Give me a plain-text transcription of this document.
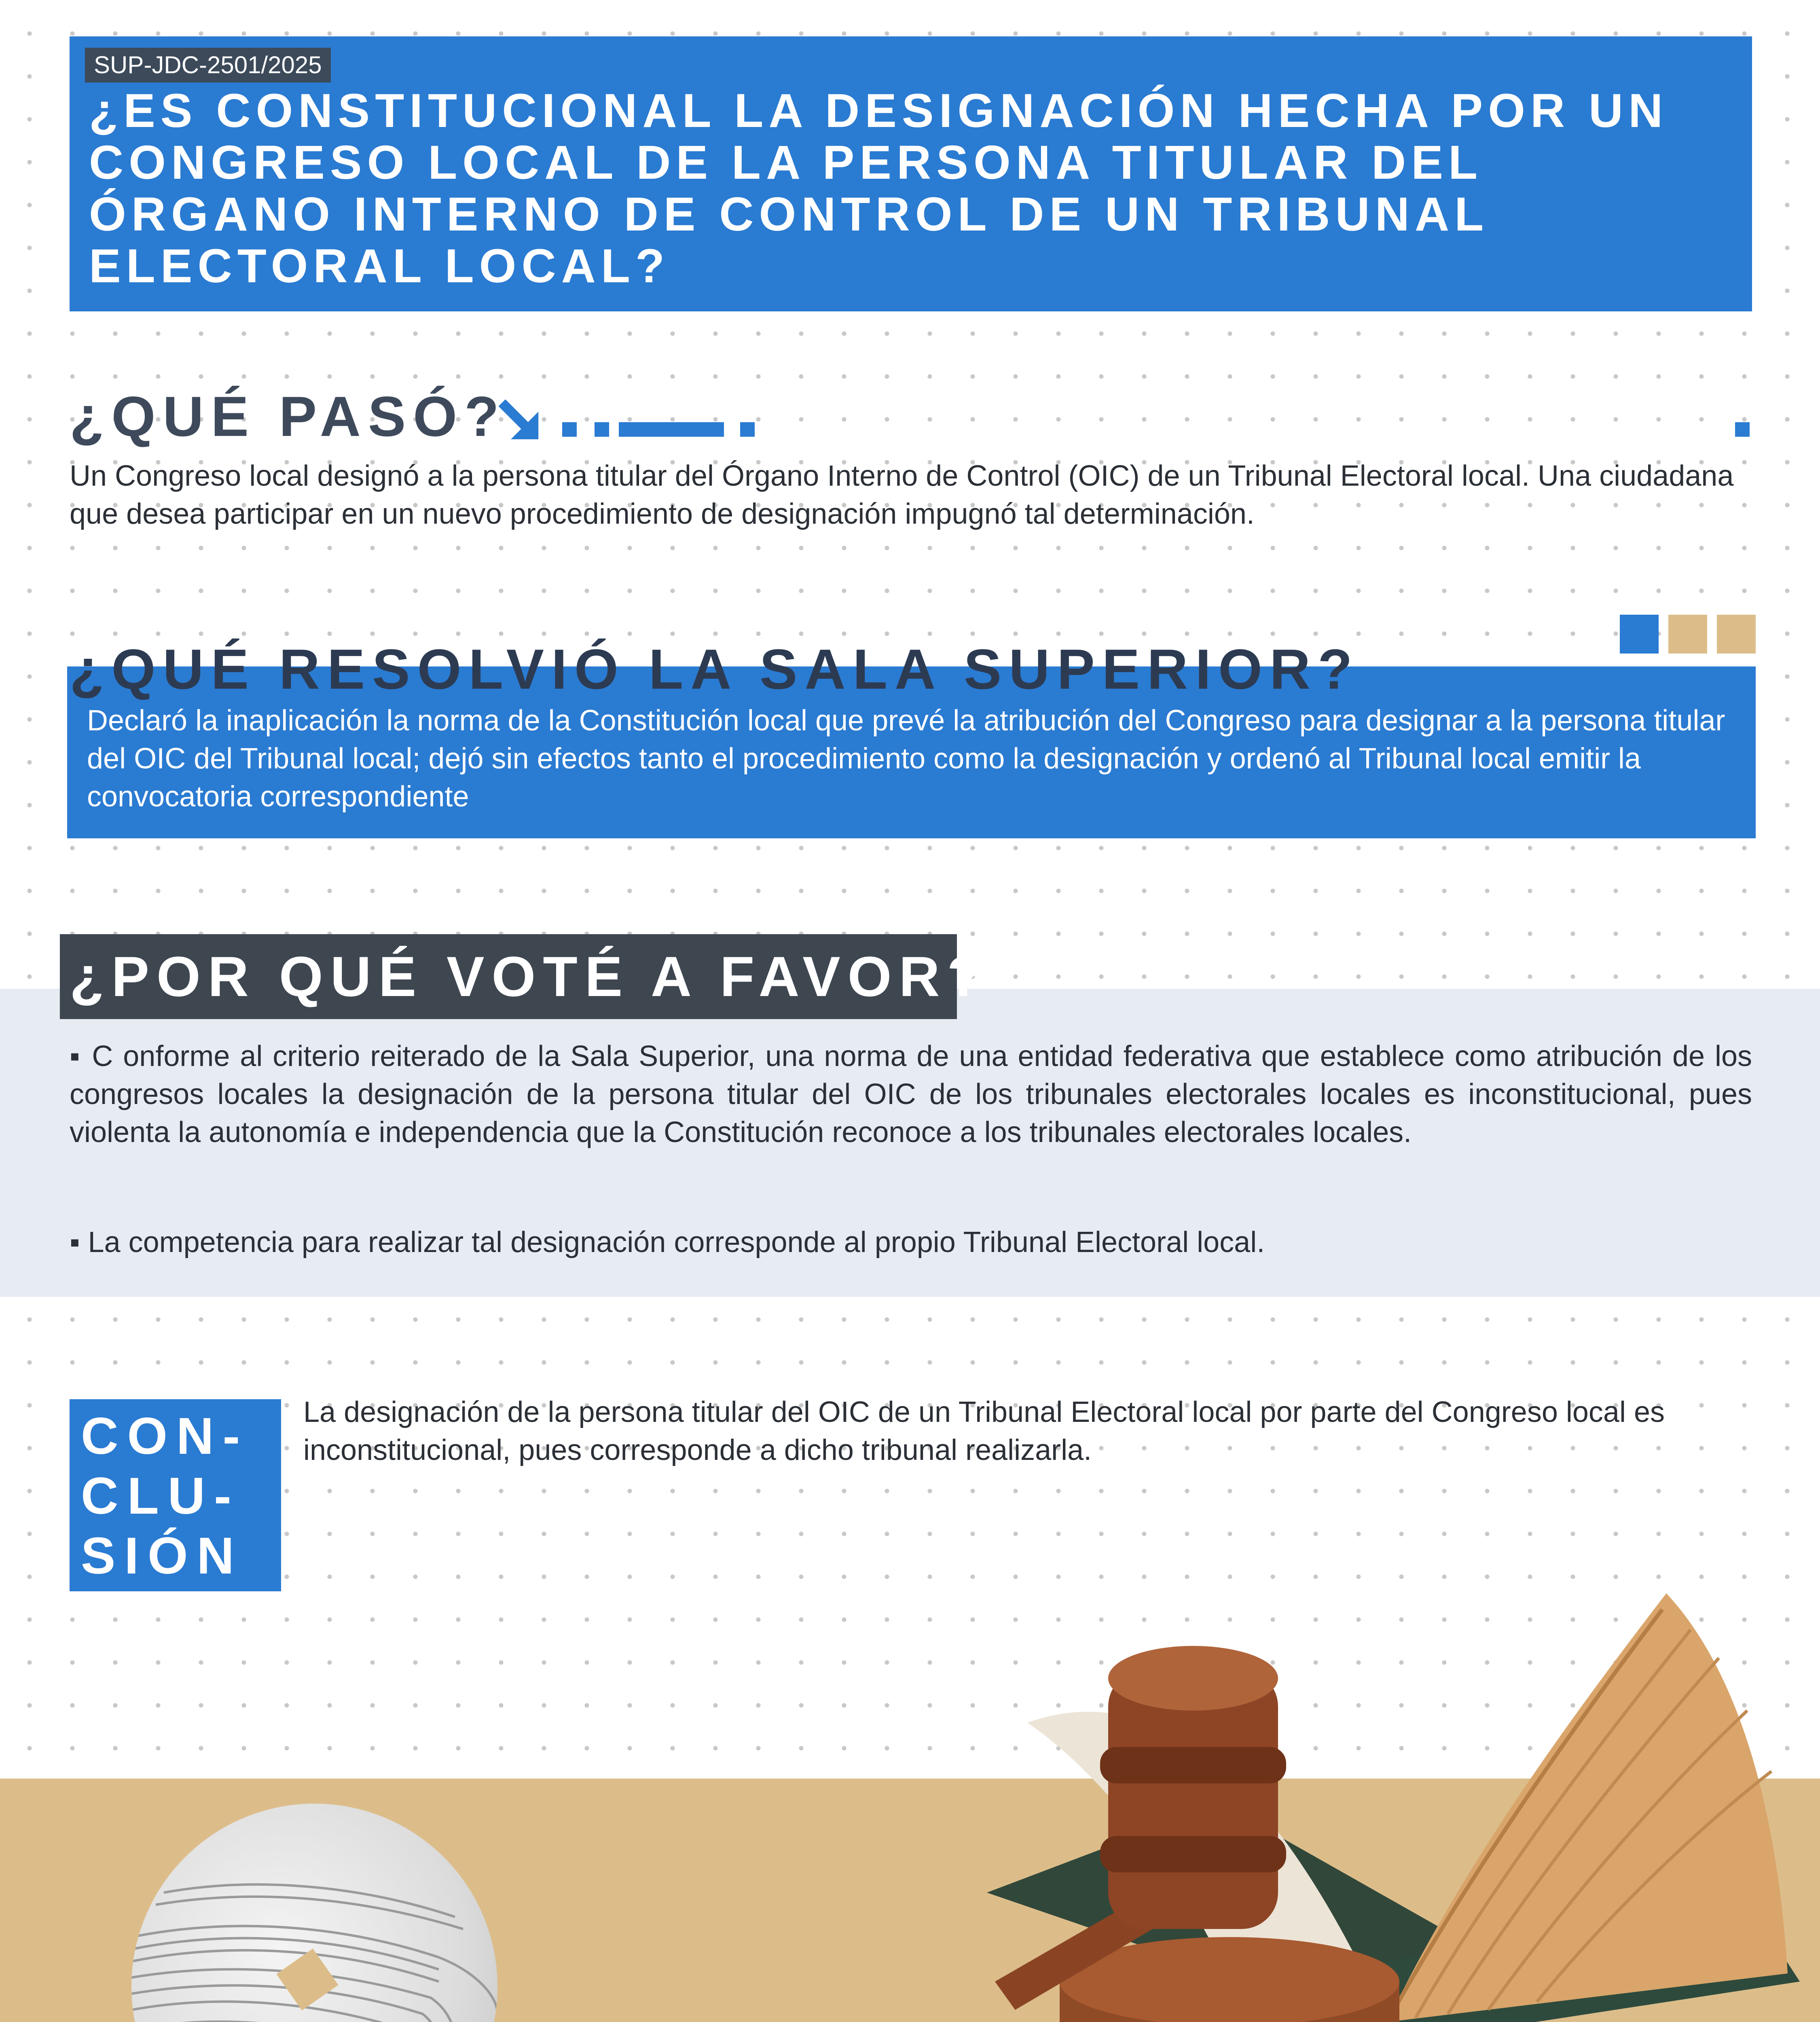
SUP-JDC-2501/2025
¿ES CONSTITUCIONAL LA DESIGNACIÓN HECHA POR UN CONGRESO LOCAL DE LA PERSONA TITULAR DEL ÓRGANO INTERNO DE CONTROL DE UN TRIBUNAL ELECTORAL LOCAL?
¿QUÉ PASÓ?
Un Congreso local designó a la persona titular del Órgano Interno de Control (OIC) de un Tribunal Electoral local. Una ciudadana que desea participar en un nuevo procedimiento de designación impugnó tal determinación.
¿QUÉ RESOLVIÓ LA SALA SUPERIOR?
Declaró la inaplicación la norma de la Constitución local que prevé la atribución del Congreso para designar a la persona titular del OIC del Tribunal local; dejó sin efectos tanto el procedimiento como la designación y ordenó al Tribunal local emitir la convocatoria correspondiente
¿POR QUÉ VOTÉ A FAVOR?
▪ C onforme al criterio reiterado de la Sala Superior, una norma de una entidad federativa que establece como atribución de los congresos locales la designación de la persona titular del OIC de los tribunales electorales locales es inconstitucional, pues violenta la autonomía e independencia que la Constitución reconoce a los tribunales electorales locales.
▪ La competencia para realizar tal designación corresponde al propio Tribunal Electoral local.
CON-
CLU-
SIÓN
La designación de la persona titular del OIC de un Tribunal Electoral local por parte del Congreso local es inconstitucional, pues corresponde a dicho tribunal realizarla.
